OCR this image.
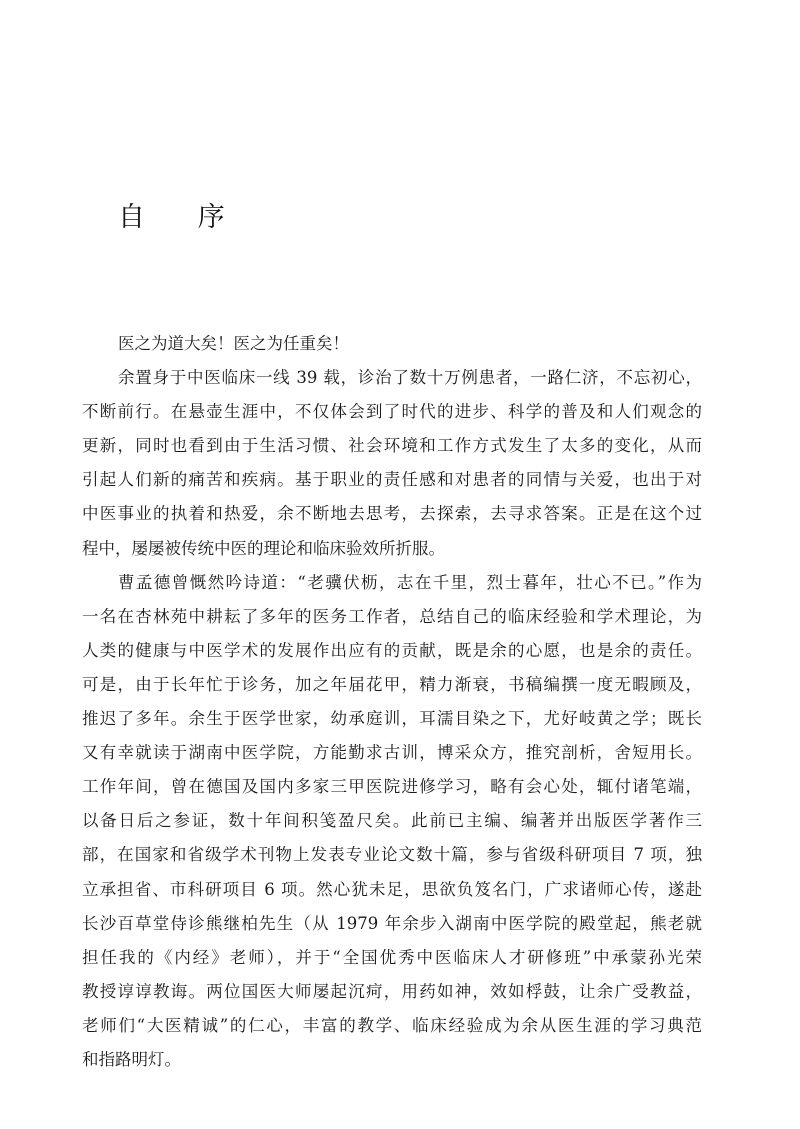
自 序
医之为道大矣！医之为任重矣！
余置身于中医临床一线 39 载，诊治了数十万例患者，一路仁济，不忘初心，
不断前行。在悬壶生涯中，不仅体会到了时代的进步、科学的普及和人们观念的
更新，同时也看到由于生活习惯、社会环境和工作方式发生了太多的变化，从而
引起人们新的痛苦和疾病。基于职业的责任感和对患者的同情与关爱，也出于对
中医事业的执着和热爱，余不断地去思考，去探索，去寻求答案。正是在这个过
程中，屡屡被传统中医的理论和临床验效所折服。
曹孟德曾慨然吟诗道：“老骥伏枥，志在千里，烈士暮年，壮心不已。”作为
一名在杏林苑中耕耘了多年的医务工作者，总结自己的临床经验和学术理论，为
人类的健康与中医学术的发展作出应有的贡献，既是余的心愿，也是余的责任。
可是，由于长年忙于诊务，加之年届花甲，精力渐衰，书稿编撰一度无暇顾及，
推迟了多年。余生于医学世家，幼承庭训，耳濡目染之下，尤好岐黄之学；既长
又有幸就读于湖南中医学院，方能勤求古训，博采众方，推究剖析，舍短用长。
工作年间，曾在德国及国内多家三甲医院进修学习，略有会心处，辄付诸笔端，
以备日后之参证，数十年间积笺盈尺矣。此前已主编、编著并出版医学著作三
部，在国家和省级学术刊物上发表专业论文数十篇，参与省级科研项目 7 项，独
立承担省、市科研项目 6 项。然心犹未足，思欲负笈名门，广求诸师心传，遂赴
长沙百草堂侍诊熊继柏先生（从 1979 年余步入湖南中医学院的殿堂起，熊老就
担任我的《内经》老师），并于“全国优秀中医临床人才研修班”中承蒙孙光荣
教授谆谆教诲。两位国医大师屡起沉疴，用药如神，效如桴鼓，让余广受教益，
老师们“大医精诚”的仁心，丰富的教学、临床经验成为余从医生涯的学习典范
和指路明灯。
